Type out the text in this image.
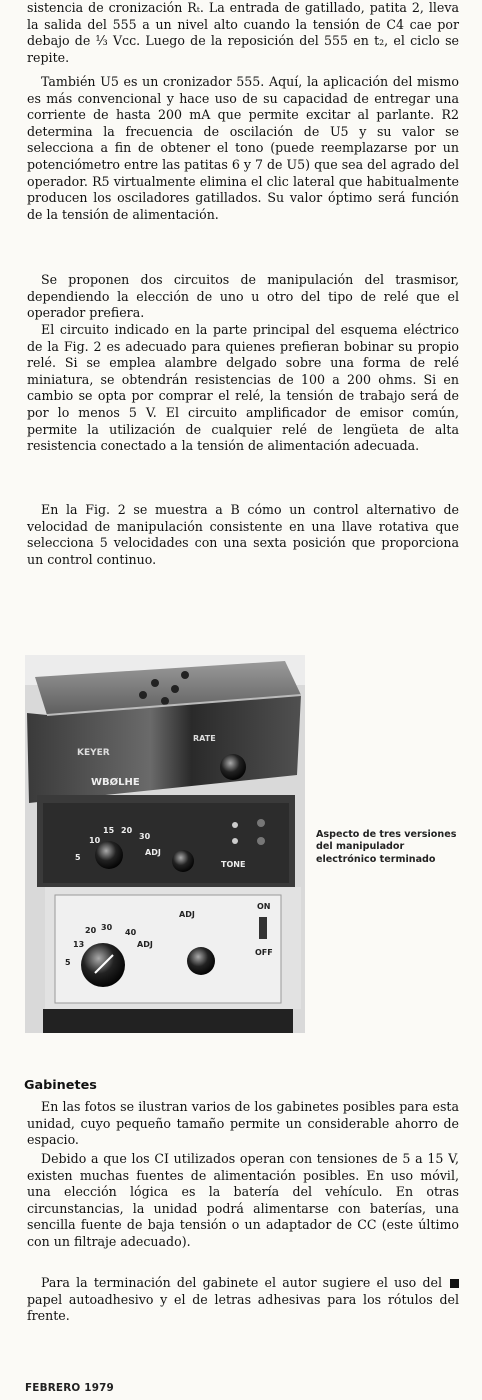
sistencia de cronización Rₜ. La entrada de gatillado, patita 2, lleva la salida del 555 a un nivel alto cuando la tensión de C4 cae por debajo de ⅓ Vᴄᴄ. Luego de la reposición del 555 en t₂, el ciclo se repite.

También U5 es un cronizador 555. Aquí, la aplicación del mismo es más convencional y hace uso de su capacidad de entregar una corriente de hasta 200 mA que permite excitar al parlante. R2 determina la frecuencia de oscilación de U5 y su valor se selecciona a fin de obtener el tono (puede reemplazarse por un potenciómetro entre las patitas 6 y 7 de U5) que sea del agrado del operador. R5 virtualmente elimina el clic lateral que habitualmente producen los osciladores gatillados. Su valor óptimo será función de la tensión de alimentación.

Se proponen dos circuitos de manipulación del trasmisor, dependiendo la elección de uno u otro del tipo de relé que el operador prefiera.

El circuito indicado en la parte principal del esquema eléctrico de la Fig. 2 es adecuado para quienes prefieran bobinar su propio relé. Si se emplea alambre delgado sobre una forma de relé miniatura, se obtendrán resistencias de 100 a 200 ohms. Si en cambio se opta por comprar el relé, la tensión de trabajo será de por lo menos 5 V. El circuito amplificador de emisor común, permite la utilización de cualquier relé de lengüeta de alta resistencia conectado a la tensión de alimentación adecuada.

En la Fig. 2 se muestra a B cómo un control alternativo de velocidad de manipulación consistente en una llave rotativa que selecciona 5 velocidades con una sexta posición que proporciona un control continuo.

KEYER
RATE
WBØLHE
10
15 20
30
5
ADJ
TONE
13
20 30
40
5
ADJ
ADJ
ON
OFF
Aspecto de tres versiones del manipulador electrónico terminado
Gabinetes

En las fotos se ilustran varios de los gabinetes posibles para esta unidad, cuyo pequeño tamaño permite un considerable ahorro de espacio.

Debido a que los CI utilizados operan con tensiones de 5 a 15 V, existen muchas fuentes de alimentación posibles. En uso móvil, una elección lógica es la batería del vehículo. En otras circunstancias, la unidad podrá alimentarse con baterías, una sencilla fuente de baja tensión o un adaptador de CC (este último con un filtraje adecuado).

Para la terminación del gabinete el autor sugiere el uso del papel autoadhesivo y el de letras adhesivas para los rótulos del frente.

FEBRERO 1979
